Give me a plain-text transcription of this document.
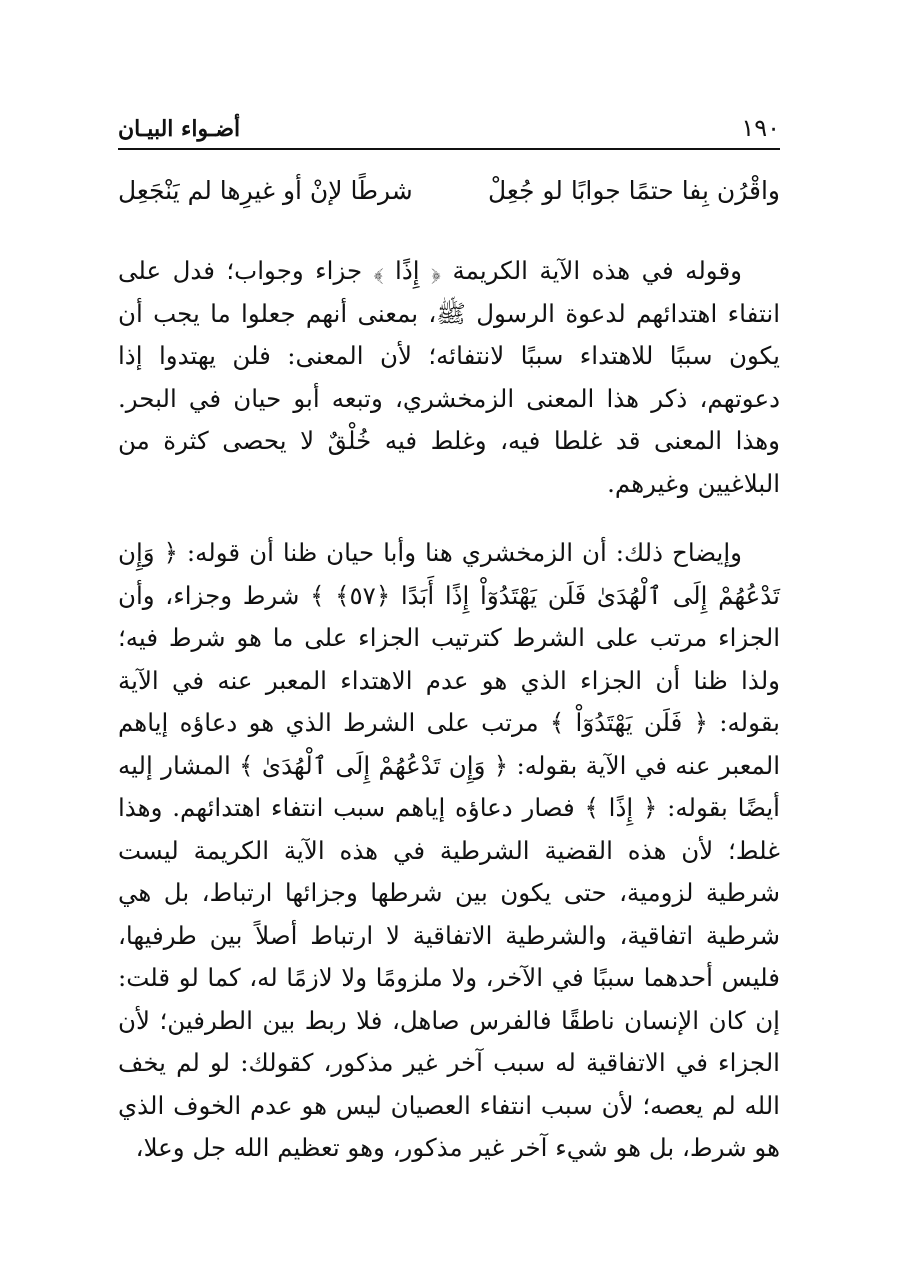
١٩٠
أضـواء البيـان
واقْرُن بِفا حتمًا جوابًا لو جُعِلْ
شرطًا لإنْ أو غيرِها لم يَنْجَعِل

وقوله في هذه الآية الكريمة ﴿ إِذًا ﴾ جزاء وجواب؛ فدل على انتفاء اهتدائهم لدعوة الرسول ﷺ، بمعنى أنهم جعلوا ما يجب أن يكون سببًا للاهتداء سببًا لانتفائه؛ لأن المعنى: فلن يهتدوا إذا دعوتهم، ذكر هذا المعنى الزمخشري، وتبعه أبو حيان في البحر. وهذا المعنى قد غلطا فيه، وغلط فيه خُلْقٌ لا يحصى كثرة من البلاغيين وغيرهم.

وإيضاح ذلك: أن الزمخشري هنا وأبا حيان ظنا أن قوله: ﴿ وَإِن تَدْعُهُمْ إِلَى ٱلْهُدَىٰ فَلَن يَهْتَدُوٓاْ إِذًا أَبَدًا ﴿٥٧﴾ ﴾ شرط وجزاء، وأن الجزاء مرتب على الشرط كترتيب الجزاء على ما هو شرط فيه؛ ولذا ظنا أن الجزاء الذي هو عدم الاهتداء المعبر عنه في الآية بقوله: ﴿ فَلَن يَهْتَدُوٓاْ ﴾ مرتب على الشرط الذي هو دعاؤه إياهم المعبر عنه في الآية بقوله: ﴿ وَإِن تَدْعُهُمْ إِلَى ٱلْهُدَىٰ ﴾ المشار إليه أيضًا بقوله: ﴿ إِذًا ﴾ فصار دعاؤه إياهم سبب انتفاء اهتدائهم. وهذا غلط؛ لأن هذه القضية الشرطية في هذه الآية الكريمة ليست شرطية لزومية، حتى يكون بين شرطها وجزائها ارتباط، بل هي شرطية اتفاقية، والشرطية الاتفاقية لا ارتباط أصلاً بين طرفيها، فليس أحدهما سببًا في الآخر، ولا ملزومًا ولا لازمًا له، كما لو قلت: إن كان الإنسان ناطقًا فالفرس صاهل، فلا ربط بين الطرفين؛ لأن الجزاء في الاتفاقية له سبب آخر غير مذكور، كقولك: لو لم يخف الله لم يعصه؛ لأن سبب انتفاء العصيان ليس هو عدم الخوف الذي هو شرط، بل هو شيء آخر غير مذكور، وهو تعظيم الله جل وعلا،
